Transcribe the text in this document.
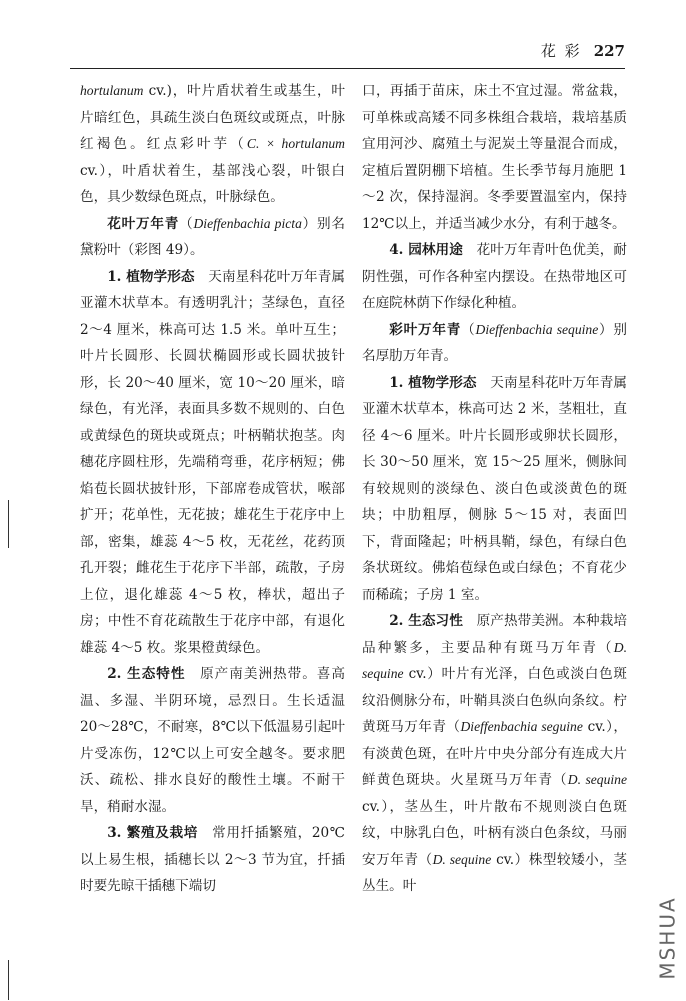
花 彩 227

hortulanum cv.)，叶片盾状着生或基生，叶片暗红色，具疏生淡白色斑纹或斑点，叶脉红褐色。红点彩叶芋（C. × hortulanum cv.），叶盾状着生，基部浅心裂，叶银白色，具少数绿色斑点，叶脉绿色。

花叶万年青（Dieffenbachia picta）别名黛粉叶（彩图 49）。

1. 植物学形态　天南星科花叶万年青属亚灌木状草本。有透明乳汁；茎绿色，直径 2～4 厘米，株高可达 1.5 米。单叶互生；叶片长圆形、长圆状椭圆形或长圆状披针形，长 20～40 厘米，宽 10～20 厘米，暗绿色，有光泽，表面具多数不规则的、白色或黄绿色的斑块或斑点；叶柄鞘状抱茎。肉穗花序圆柱形，先端稍弯垂，花序柄短；佛焰苞长圆状披针形，下部席卷成管状，喉部扩开；花单性，无花披；雄花生于花序中上部，密集，雄蕊 4～5 枚，无花丝，花药顶孔开裂；雌花生于花序下半部，疏散，子房上位，退化雄蕊 4～5 枚，棒状，超出子房；中性不育花疏散生于花序中部，有退化雄蕊 4～5 枚。浆果橙黄绿色。

2. 生态特性　原产南美洲热带。喜高温、多湿、半阴环境，忌烈日。生长适温 20～28℃，不耐寒，8℃以下低温易引起叶片受冻伤，12℃以上可安全越冬。要求肥沃、疏松、排水良好的酸性土壤。不耐干旱，稍耐水湿。

3. 繁殖及栽培　常用扦插繁殖，20℃以上易生根，插穗长以 2～3 节为宜，扦插时要先晾干插穗下端切

口，再插于苗床，床土不宜过湿。常盆栽，可单株或高矮不同多株组合栽培，栽培基质宜用河沙、腐殖土与泥炭土等量混合而成，定植后置阴棚下培植。生长季节每月施肥 1～2 次，保持湿润。冬季要置温室内，保持 12℃以上，并适当减少水分，有利于越冬。

4. 园林用途　花叶万年青叶色优美，耐阴性强，可作各种室内摆设。在热带地区可在庭院林荫下作绿化种植。

彩叶万年青（Dieffenbachia sequine）别名厚肋万年青。

1. 植物学形态　天南星科花叶万年青属亚灌木状草本，株高可达 2 米，茎粗壮，直径 4～6 厘米。叶片长圆形或卵状长圆形，长 30～50 厘米，宽 15～25 厘米，侧脉间有较规则的淡绿色、淡白色或淡黄色的斑块；中肋粗厚，侧脉 5～15 对，表面凹下，背面隆起；叶柄具鞘，绿色，有绿白色条状斑纹。佛焰苞绿色或白绿色；不育花少而稀疏；子房 1 室。

2. 生态习性　原产热带美洲。本种栽培品种繁多，主要品种有斑马万年青（D. sequine cv.）叶片有光泽，白色或淡白色斑纹沿侧脉分布，叶鞘具淡白色纵向条纹。柠黄斑马万年青（Dieffenbachia seguine cv.），有淡黄色斑，在叶片中央分部分有连成大片鲜黄色斑块。火星斑马万年青（D. sequine cv.），茎丛生，叶片散布不规则淡白色斑纹，中脉乳白色，叶柄有淡白色条纹，马丽安万年青（D. sequine cv.）株型较矮小，茎丛生。叶

MSHUA
